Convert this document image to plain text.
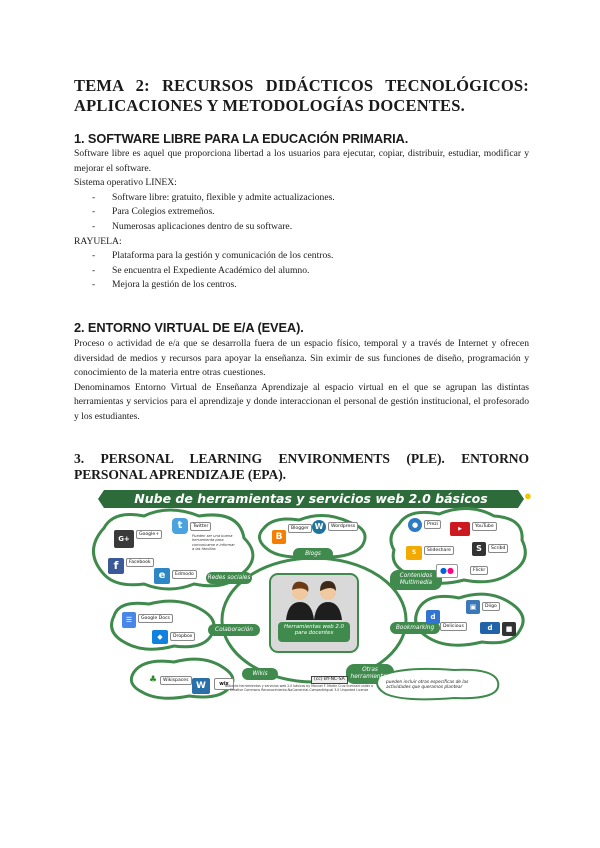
TEMA 2: RECURSOS DIDÁCTICOS TECNOLÓGICOS: APLICACIONES Y METODOLOGÍAS DOCENTES.
1. SOFTWARE LIBRE PARA LA EDUCACIÓN PRIMARIA.

Software libre es aquel que proporciona libertad a los usuarios para ejecutar, copiar, distribuir, estudiar, modificar y mejorar el software.

Sistema operativo LINEX:

- Software libre: gratuito, flexible y admite actualizaciones.
- Para Colegios extremeños.
- Numerosas aplicaciones dentro de su software.

RAYUELA:

- Plataforma para la gestión y comunicación de los centros.
- Se encuentra el Expediente Académico del alumno.
- Mejora la gestión de los centros.
2. ENTORNO VIRTUAL DE E/A (EVEA).

Proceso o actividad de e/a que se desarrolla fuera de un espacio físico, temporal y a través de Internet y ofrecen diversidad de medios y recursos para apoyar la enseñanza. Sin eximir de sus funciones de diseño, programación y conocimiento de la materia entre otras cuestiones.

Denominamos Entorno Virtual de Enseñanza Aprendizaje al espacio virtual en el que se agrupan las distintas herramientas y servicios para el aprendizaje y donde interaccionan el personal de gestión institucional, el profesorado y los estudiantes.

3. PERSONAL LEARNING ENVIRONMENTS (PLE). ENTORNO PERSONAL APRENDIZAJE (EPA).
Nube de herramientas y servicios web 2.0 básicos	●
Blogs
Redes sociales	Contenidos Multimedia
Colaboración	Bookmarking
Wikis
Otras herramientas
Herramientas web 2.0 para docentes
G+
Google+
t	Twitter
f	Facebook
e	Edmodo
Pueden ser una buena herramienta para comunicarse e informar a las familias
B
Blogger W	Wordpress	●	Prezi
▶	YouTube
S	Slideshare	S	Scribd
●●	Flickr
☰	Google Docs
◆	Dropbox
▣	Diigo
d
Delicious	d	■
♣	Wikispaces
W	wix
(cc) BY-NC-SA
Nube de herramientas y servicios web 2.0 básicos by Manuel F. Martín Cruz licensed under a Creative Commons Reconocimiento-NoComercial-CompartirIgual 3.0 Unported License
pueden incluir otras específicas de las actividades que queramos plantear
